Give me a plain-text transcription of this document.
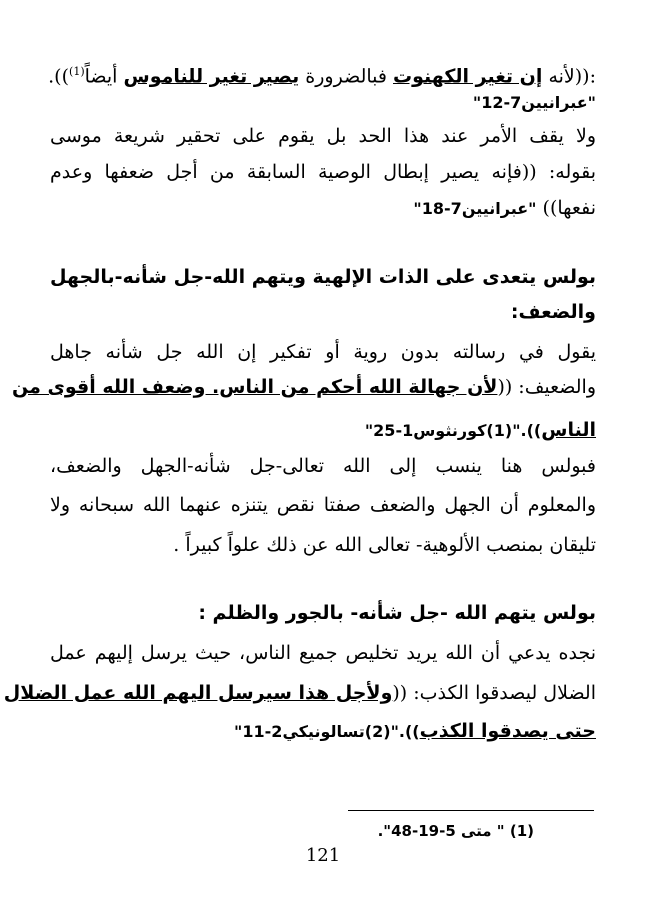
:((لأنه إن تغير الكهنوت فبالضرورة يصير تغير للناموس أيضاً$^{(1)}$)).
"عبرانيين7-12"
ولا يقف الأمر عند هذا الحد بل يقوم على تحقير شريعة موسى
بقوله: ((فإنه يصير إبطال الوصية السابقة من أجل ضعفها وعدم
نفعها)) "عبرانيين7-18"
بولس يتعدى على الذات الإلهية ويتهم الله-جل شأنه-بالجهل
والضعف:
يقول في رسالته بدون روية أو تفكير إن الله جل شأنه جاهل
والضعيف: ((لأن جهالة الله أحكم من الناس. وضعف الله أقوى من
الناس))."(1)كورنثوس1-25"
فبولس هنا ينسب إلى الله تعالى-جل شأنه-الجهل والضعف،
والمعلوم أن الجهل والضعف صفتا نقص يتنزه عنهما الله سبحانه ولا
تليقان بمنصب الألوهية- تعالى الله عن ذلك علواً كبيراً .
بولس يتهم الله -جل شأنه- بالجور والظلم :
نجده يدعي أن الله يريد تخليص جميع الناس، حيث يرسل إليهم عمل
الضلال ليصدقوا الكذب: ((ولأجل هذا سيرسل اليهم الله عمل الضلال
حتى يصدقوا الكذب))."(2)تسالونيكي2-11"
(1) " متى 5-19-48".
121
